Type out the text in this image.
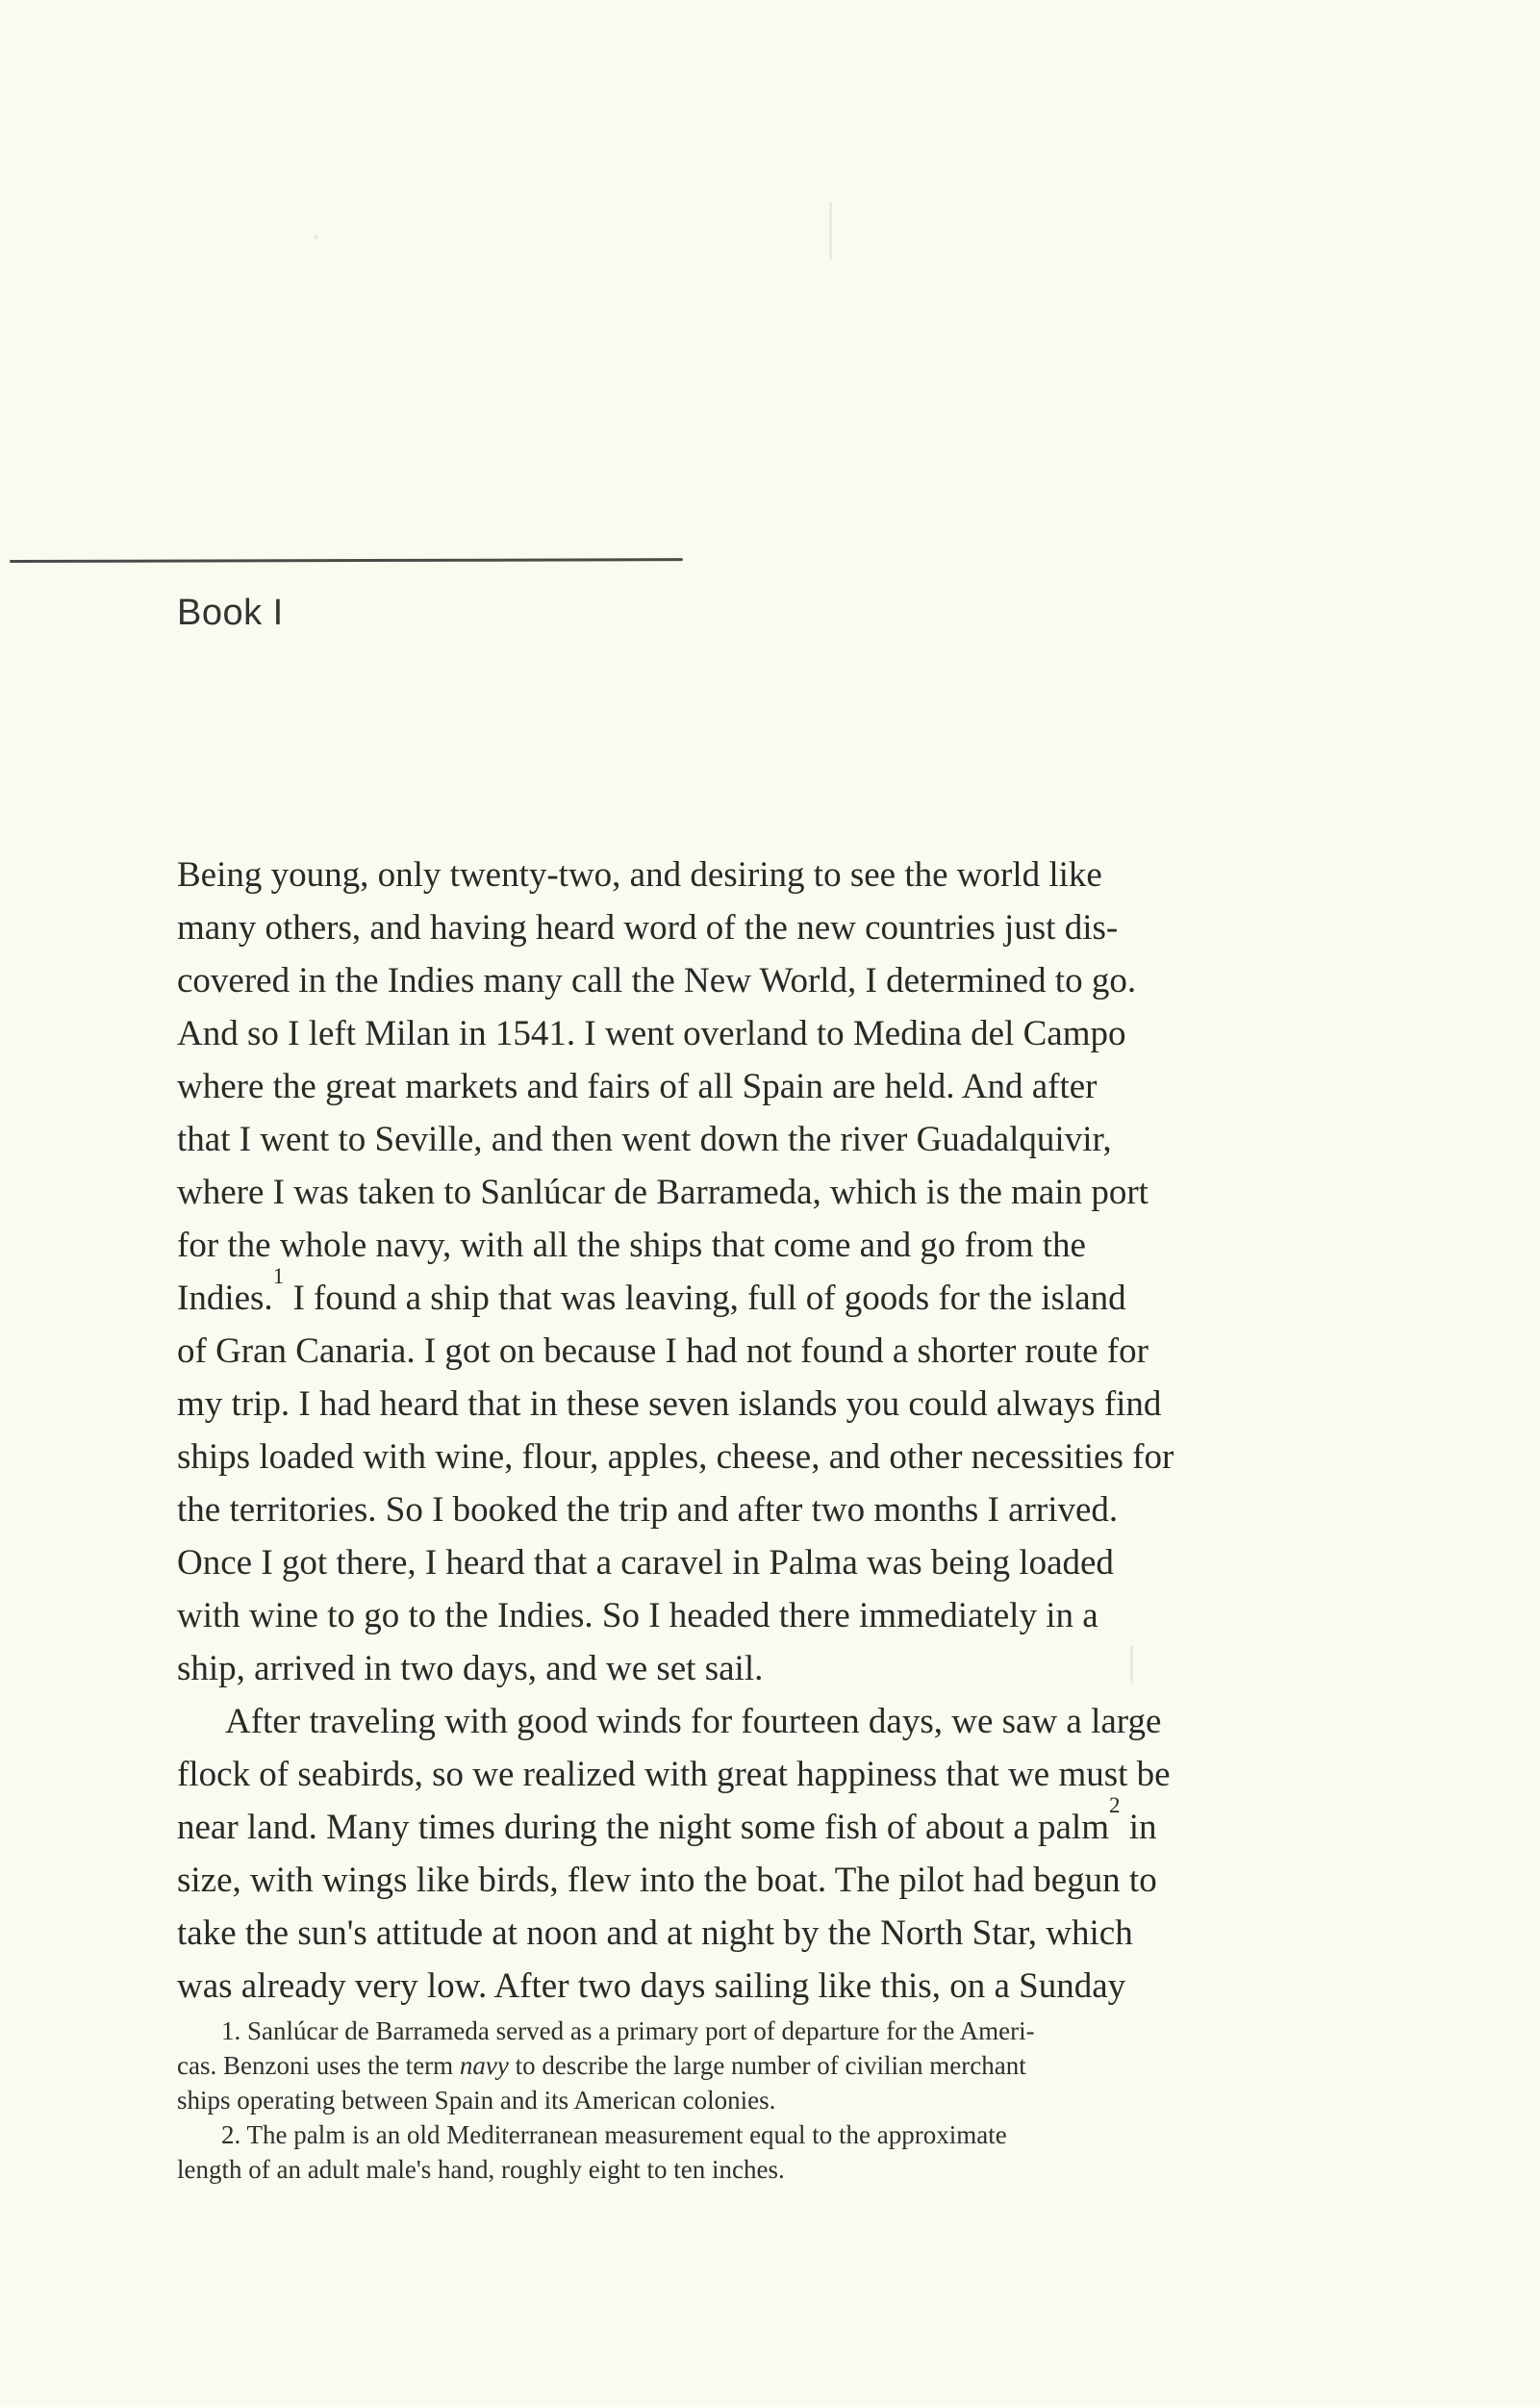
Book I

Being young, only twenty-two, and desiring to see the world like

many others, and having heard word of the new countries just dis-

covered in the Indies many call the New World, I determined to go.

And so I left Milan in 1541. I went overland to Medina del Campo

where the great markets and fairs of all Spain are held. And after

that I went to Seville, and then went down the river Guadalquivir,

where I was taken to Sanlúcar de Barrameda, which is the main port

for the whole navy, with all the ships that come and go from the

Indies.$^1$ I found a ship that was leaving, full of goods for the island

of Gran Canaria. I got on because I had not found a shorter route for

my trip. I had heard that in these seven islands you could always find

ships loaded with wine, flour, apples, cheese, and other necessities for

the territories. So I booked the trip and after two months I arrived.

Once I got there, I heard that a caravel in Palma was being loaded

with wine to go to the Indies. So I headed there immediately in a

ship, arrived in two days, and we set sail.

After traveling with good winds for fourteen days, we saw a large

flock of seabirds, so we realized with great happiness that we must be

near land. Many times during the night some fish of about a palm$^2$ in

size, with wings like birds, flew into the boat. The pilot had begun to

take the sun's attitude at noon and at night by the North Star, which

was already very low. After two days sailing like this, on a Sunday

1. Sanlúcar de Barrameda served as a primary port of departure for the Ameri-

cas. Benzoni uses the term navy to describe the large number of civilian merchant

ships operating between Spain and its American colonies.

2. The palm is an old Mediterranean measurement equal to the approximate

length of an adult male's hand, roughly eight to ten inches.
